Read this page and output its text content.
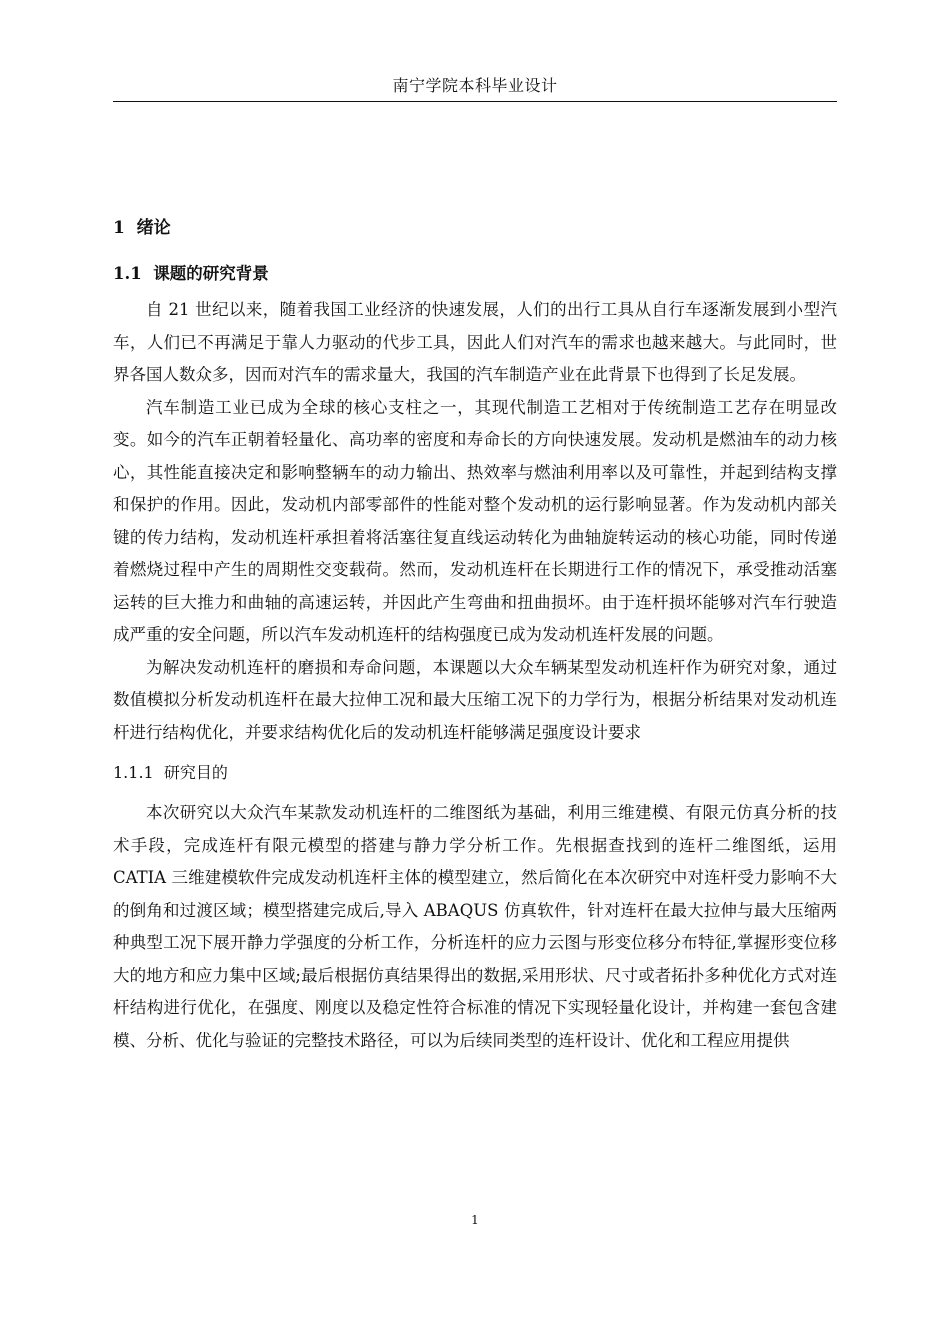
南宁学院本科毕业设计
1  绪论
1.1  课题的研究背景

自 21 世纪以来，随着我国工业经济的快速发展，人们的出行工具从自行车逐渐发展到小型汽车，人们已不再满足于靠人力驱动的代步工具，因此人们对汽车的需求也越来越大。与此同时，世界各国人数众多，因而对汽车的需求量大，我国的汽车制造产业在此背景下也得到了长足发展。

汽车制造工业已成为全球的核心支柱之一，其现代制造工艺相对于传统制造工艺存在明显改变。如今的汽车正朝着轻量化、高功率的密度和寿命长的方向快速发展。发动机是燃油车的动力核心，其性能直接决定和影响整辆车的动力输出、热效率与燃油利用率以及可靠性，并起到结构支撑和保护的作用。因此，发动机内部零部件的性能对整个发动机的运行影响显著。作为发动机内部关键的传力结构，发动机连杆承担着将活塞往复直线运动转化为曲轴旋转运动的核心功能，同时传递着燃烧过程中产生的周期性交变载荷。然而，发动机连杆在长期进行工作的情况下，承受推动活塞运转的巨大推力和曲轴的高速运转，并因此产生弯曲和扭曲损坏。由于连杆损坏能够对汽车行驶造成严重的安全问题，所以汽车发动机连杆的结构强度已成为发动机连杆发展的问题。

为解决发动机连杆的磨损和寿命问题，本课题以大众车辆某型发动机连杆作为研究对象，通过数值模拟分析发动机连杆在最大拉伸工况和最大压缩工况下的力学行为，根据分析结果对发动机连杆进行结构优化，并要求结构优化后的发动机连杆能够满足强度设计要求

1.1.1  研究目的

本次研究以大众汽车某款发动机连杆的二维图纸为基础，利用三维建模、有限元仿真分析的技术手段，完成连杆有限元模型的搭建与静力学分析工作。先根据查找到的连杆二维图纸，运用 CATIA 三维建模软件完成发动机连杆主体的模型建立，然后简化在本次研究中对连杆受力影响不大的倒角和过渡区域；模型搭建完成后,导入 ABAQUS 仿真软件，针对连杆在最大拉伸与最大压缩两种典型工况下展开静力学强度的分析工作，分析连杆的应力云图与形变位移分布特征,掌握形变位移大的地方和应力集中区域;最后根据仿真结果得出的数据,采用形状、尺寸或者拓扑多种优化方式对连杆结构进行优化，在强度、刚度以及稳定性符合标准的情况下实现轻量化设计，并构建一套包含建模、分析、优化与验证的完整技术路径，可以为后续同类型的连杆设计、优化和工程应用提供

1
